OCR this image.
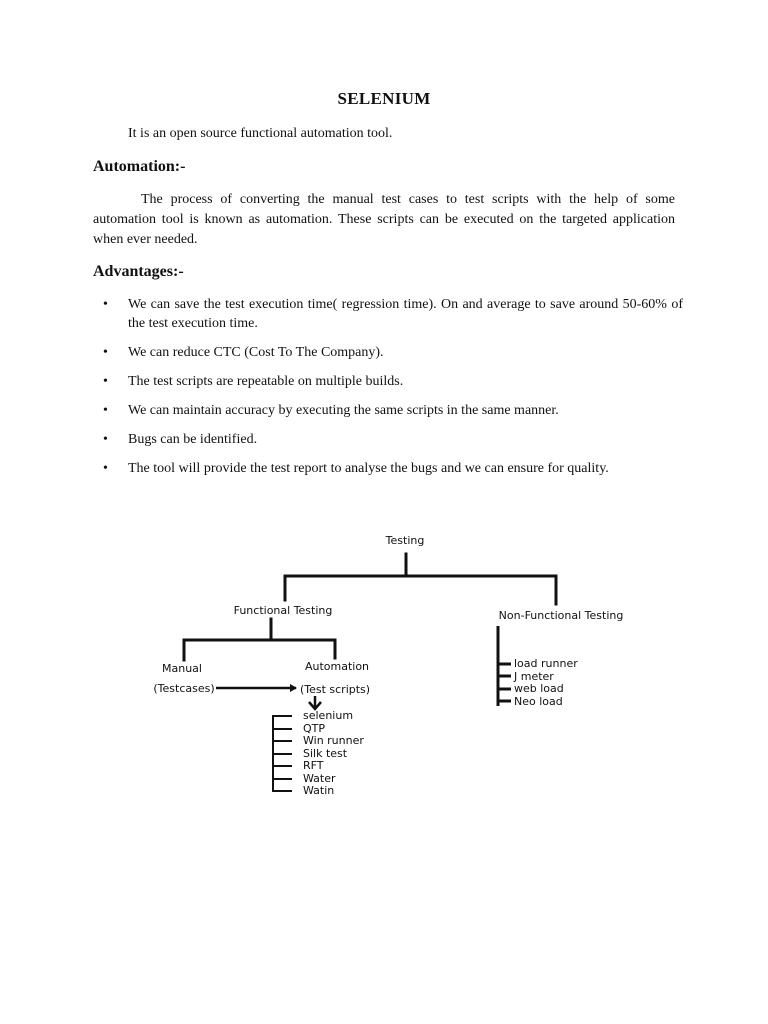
SELENIUM
It is an open source functional automation tool.
Automation:-
The process of converting the manual test cases to test scripts with the help of some automation tool is known as automation. These scripts can be executed on the targeted application when ever needed.
Advantages:-
• We can save the test execution time( regression time). On and average to save around 50-60% of the test execution time.
• We can reduce CTC (Cost To The Company).
• The test scripts are repeatable on multiple builds.
• We can maintain accuracy by executing the same scripts in the same manner.
• Bugs can be identified.
• The tool will provide the test report to analyse the bugs and we can ensure for quality.
Testing
Functional Testing	Non-Functional Testing
Manual
(Testcases)
Automation
(Test scripts)
selenium
QTP
Win runner
Silk test
RFT
Water
Watin
load runner
J meter
web load
Neo load
